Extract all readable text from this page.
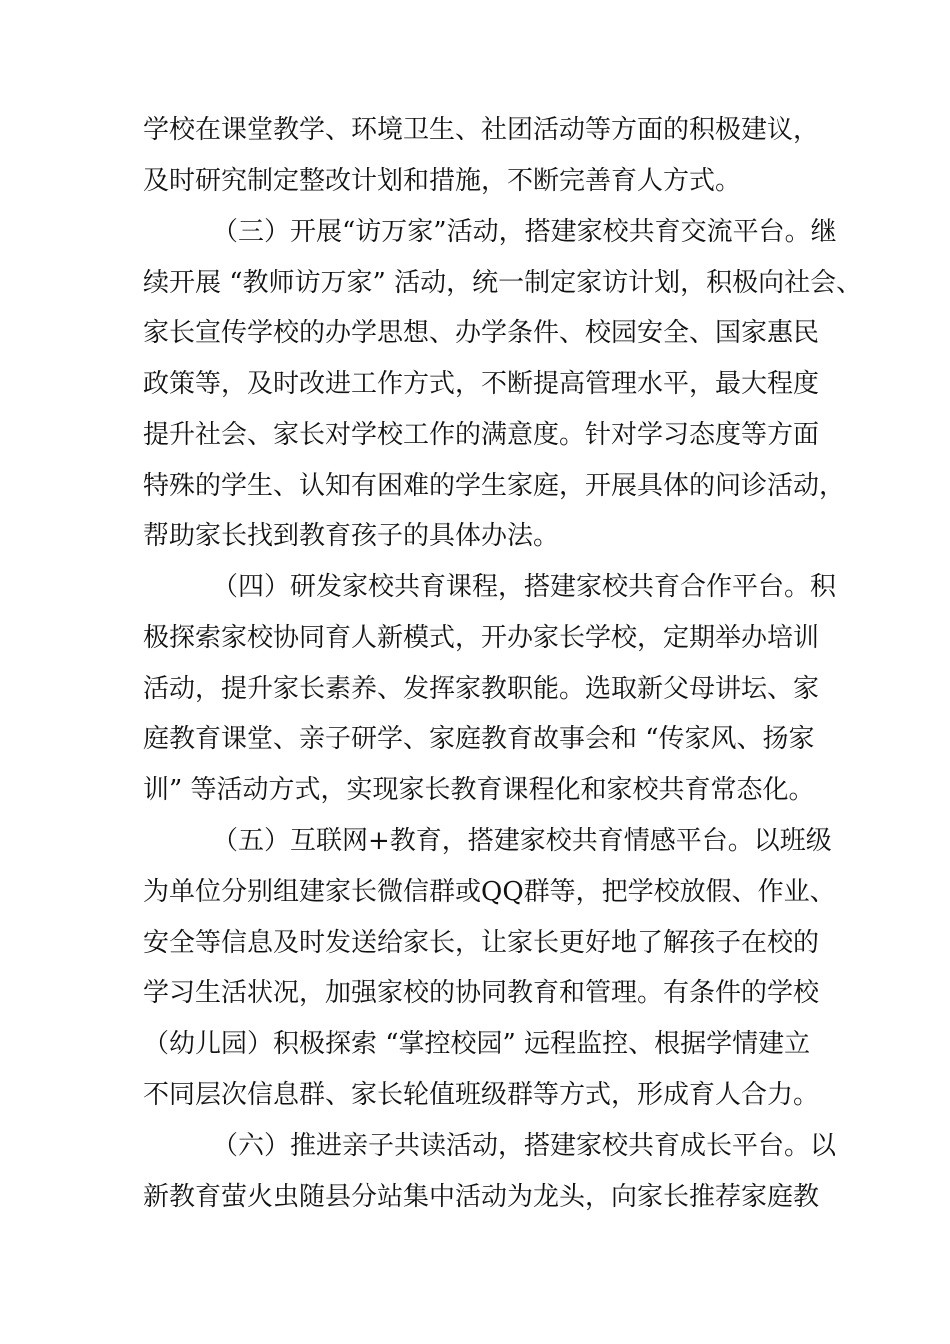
学校在课堂教学、环境卫生、社团活动等方面的积极建议，
及时研究制定整改计划和措施，不断完善育人方式。
（三）开展“访万家”活动，搭建家校共育交流平台。继
续开展 “教师访万家” 活动，统一制定家访计划，积极向社会、
家长宣传学校的办学思想、办学条件、校园安全、国家惠民
政策等，及时改进工作方式，不断提高管理水平，最大程度
提升社会、家长对学校工作的满意度。针对学习态度等方面
特殊的学生、认知有困难的学生家庭，开展具体的问诊活动，
帮助家长找到教育孩子的具体办法。
（四）研发家校共育课程，搭建家校共育合作平台。积
极探索家校协同育人新模式，开办家长学校，定期举办培训
活动，提升家长素养、发挥家教职能。选取新父母讲坛、家
庭教育课堂、亲子研学、家庭教育故事会和 “传家风、扬家
训” 等活动方式，实现家长教育课程化和家校共育常态化。
（五）互联网+教育，搭建家校共育情感平台。以班级
为单位分别组建家长微信群或QQ群等，把学校放假、作业、
安全等信息及时发送给家长，让家长更好地了解孩子在校的
学习生活状况，加强家校的协同教育和管理。有条件的学校
（幼儿园）积极探索 “掌控校园” 远程监控、根据学情建立
不同层次信息群、家长轮值班级群等方式，形成育人合力。
（六）推进亲子共读活动，搭建家校共育成长平台。以
新教育萤火虫随县分站集中活动为龙头，向家长推荐家庭教
